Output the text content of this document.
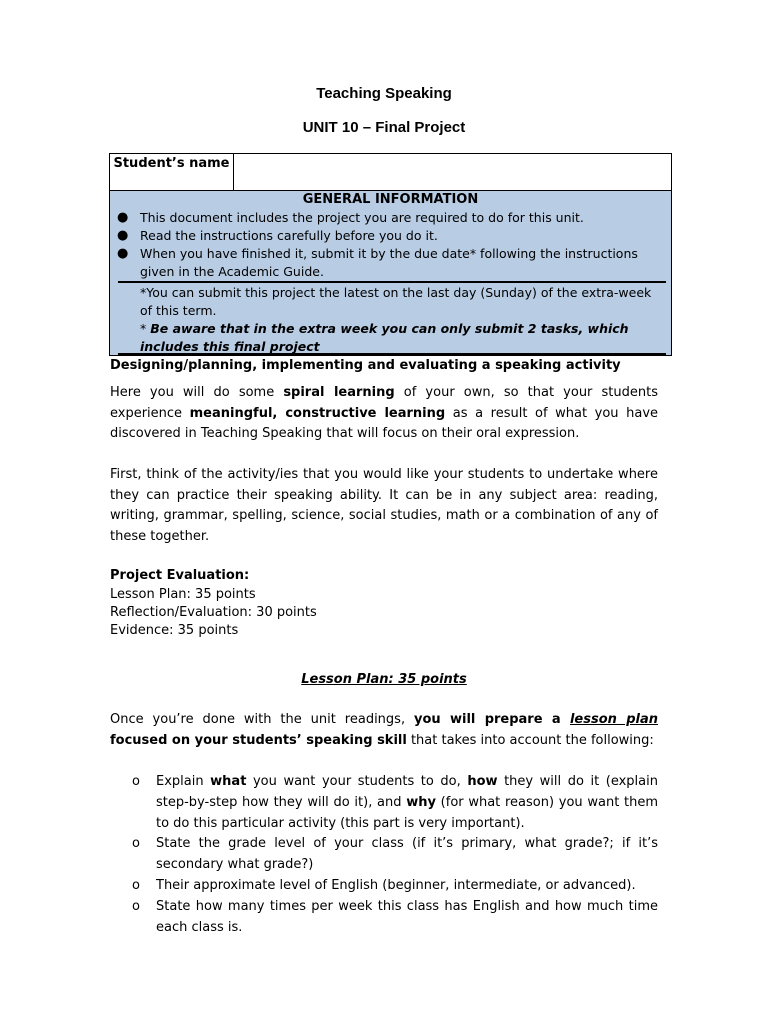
Teaching Speaking
UNIT 10 – Final Project
Student’s name
GENERAL INFORMATION
● This document includes the project you are required to do for this unit.
● Read the instructions carefully before you do it.
● When you have finished it, submit it by the due date* following the instructions given in the Academic Guide.
*You can submit this project the latest on the last day (Sunday) of the extra-week of this term.
* Be aware that in the extra week you can only submit 2 tasks, which includes this final project
Designing/planning, implementing and evaluating a speaking activity
Here you will do some spiral learning of your own, so that your students experience meaningful, constructive learning as a result of what you have discovered in Teaching Speaking that will focus on their oral expression.
First, think of the activity/ies that you would like your students to undertake where they can practice their speaking ability. It can be in any subject area: reading, writing, grammar, spelling, science, social studies, math or a combination of any of these together.
Project Evaluation:
Lesson Plan: 35 points
Reflection/Evaluation: 30 points
Evidence: 35 points
Lesson Plan: 35 points
Once you’re done with the unit readings, you will prepare a lesson plan focused on your students’ speaking skill that takes into account the following:
o Explain what you want your students to do, how they will do it (explain step-by-step how they will do it), and why (for what reason) you want them to do this particular activity (this part is very important).
o State the grade level of your class (if it’s primary, what grade?; if it’s secondary what grade?)
o Their approximate level of English (beginner, intermediate, or advanced).
o State how many times per week this class has English and how much time each class is.
